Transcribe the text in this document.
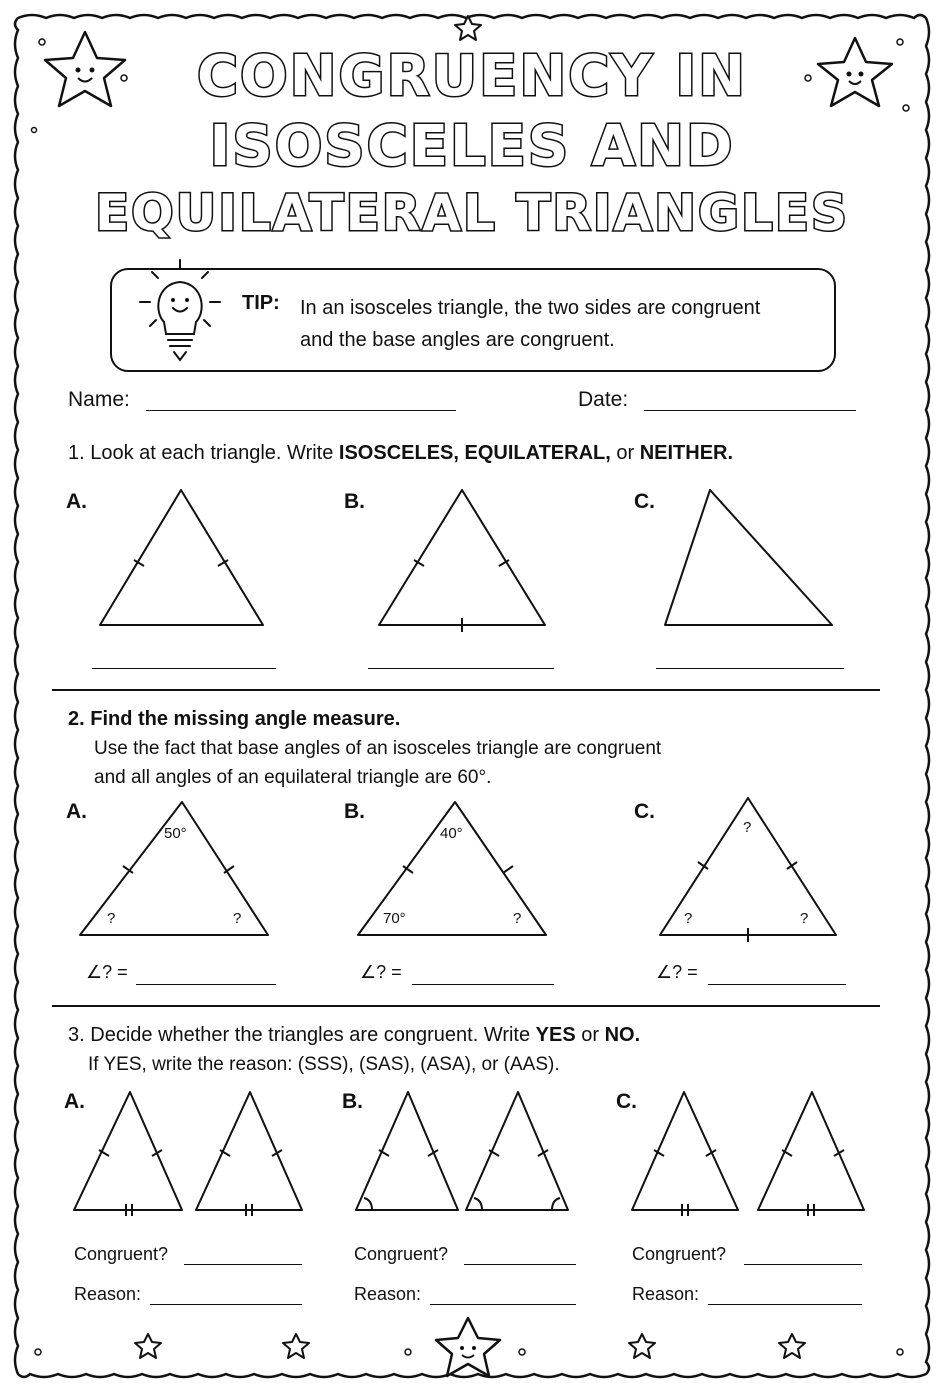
CONGRUENCY IN
ISOSCELES AND
EQUILATERAL TRIANGLES
TIP: In an isosceles triangle, the two sides are congruent
and the base angles are congruent.
Name:	Date:
1. Look at each triangle. Write ISOSCELES, EQUILATERAL, or NEITHER.
A.	B.	C.
2. Find the missing angle measure.
Use the fact that base angles of an isosceles triangle are congruent
and all angles of an equilateral triangle are 60°.
A.	B.	C.
50°
?	?
40°
70°	?
?
?	?
∠? =	∠? =	∠? =
3. Decide whether the triangles are congruent. Write YES or NO.
If YES, write the reason: (SSS), (SAS), (ASA), or (AAS).
A.	B.	C.
Congruent?
Reason:
Congruent?
Reason:
Congruent?
Reason:
